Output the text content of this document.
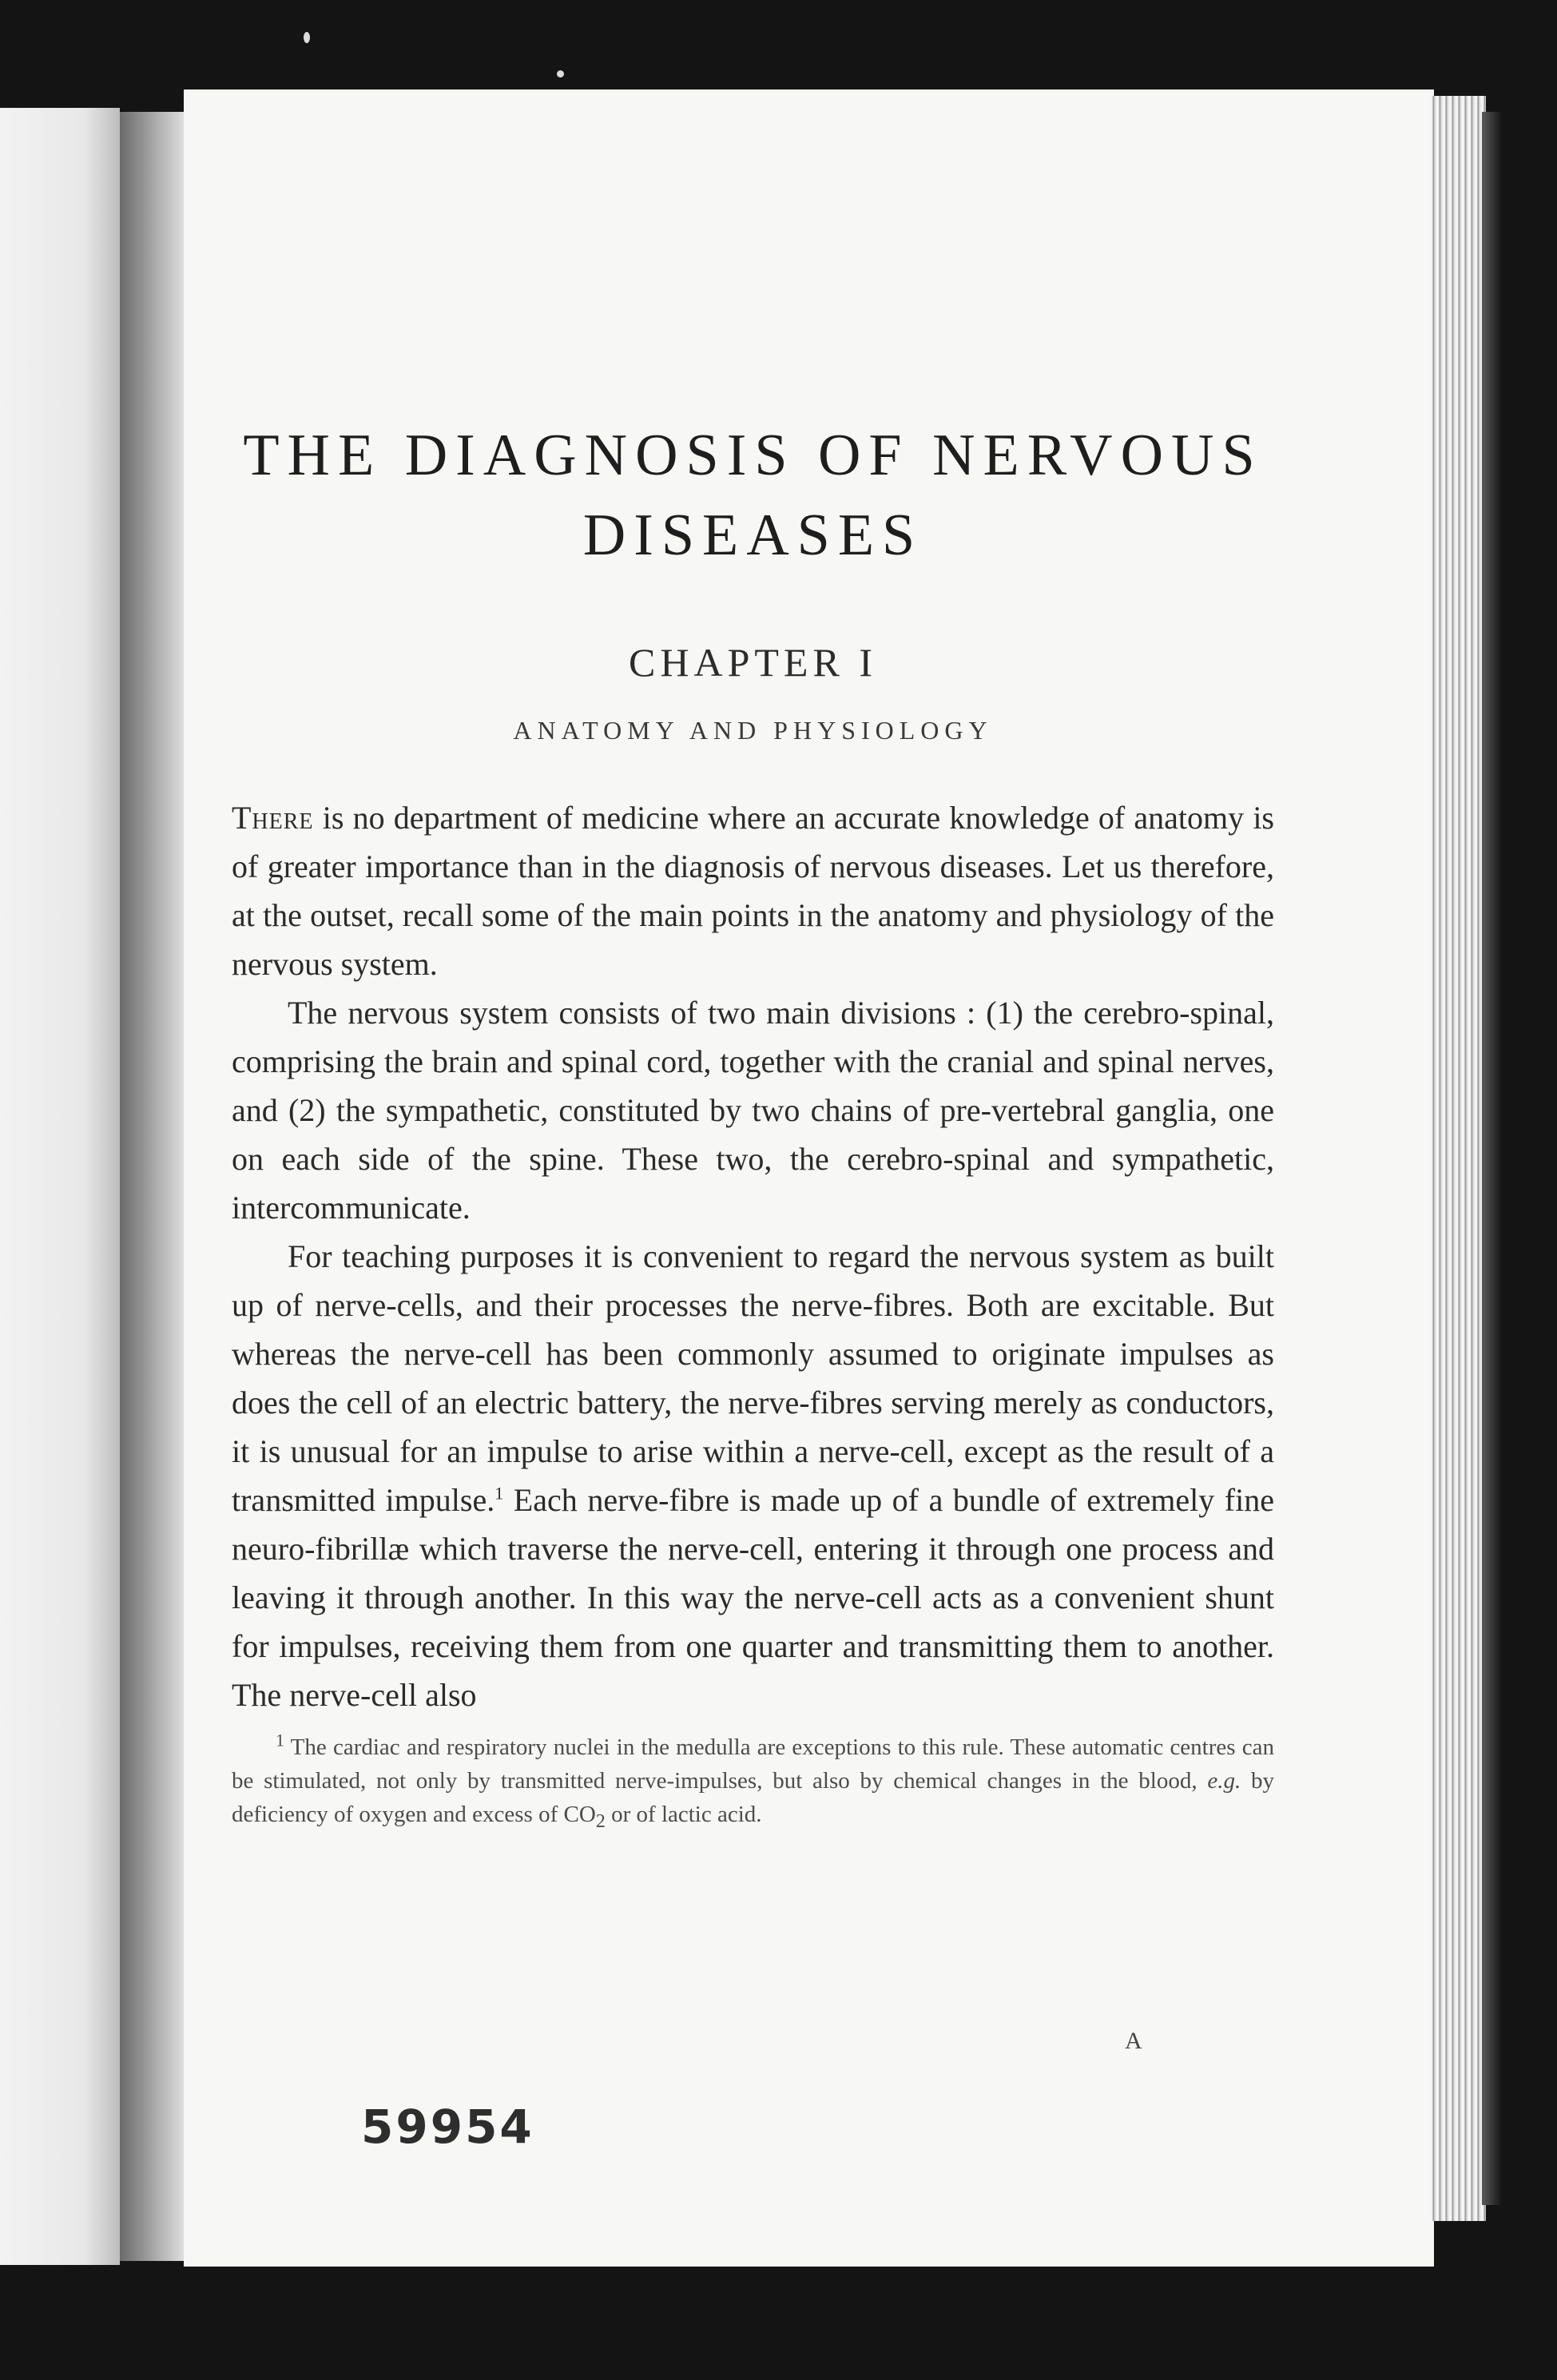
THE DIAGNOSIS OF NERVOUS
DISEASES
CHAPTER I
ANATOMY AND PHYSIOLOGY

There is no department of medicine where an accurate knowledge of anatomy is of greater importance than in the diagnosis of nervous diseases. Let us therefore, at the outset, recall some of the main points in the anatomy and physiology of the nervous system.

The nervous system consists of two main divisions : (1) the cerebro-spinal, comprising the brain and spinal cord, together with the cranial and spinal nerves, and (2) the sympathetic, constituted by two chains of pre-vertebral ganglia, one on each side of the spine. These two, the cerebro-spinal and sympathetic, intercommunicate.

For teaching purposes it is convenient to regard the nervous system as built up of nerve-cells, and their processes the nerve-fibres. Both are excitable. But whereas the nerve-cell has been commonly assumed to originate impulses as does the cell of an electric battery, the nerve-fibres serving merely as conductors, it is unusual for an impulse to arise within a nerve-cell, except as the result of a transmitted impulse.$^1$ Each nerve-fibre is made up of a bundle of extremely fine neuro-fibrillæ which traverse the nerve-cell, entering it through one process and leaving it through another. In this way the nerve-cell acts as a convenient shunt for impulses, receiving them from one quarter and transmitting them to another. The nerve-cell also

$^1$ The cardiac and respiratory nuclei in the medulla are exceptions to this rule. These automatic centres can be stimulated, not only by transmitted nerve-impulses, but also by chemical changes in the blood, e.g. by deficiency of oxygen and excess of $CO_2$ or of lactic acid.

A
59954
